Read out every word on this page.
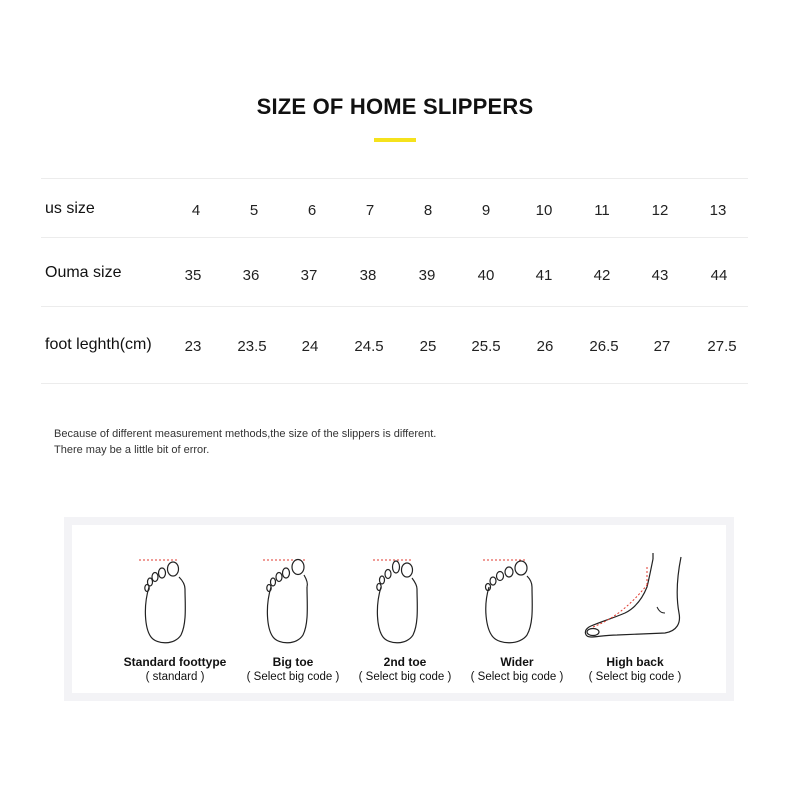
SIZE OF HOME SLIPPERS
us size	4	5	6	7	8	9	10	11	12	13
Ouma size	35	36	37	38	39	40	41	42	43	44
foot leghth(cm)	23	23.5	24	24.5	25	25.5	26	26.5	27	27.5
Because of different measurement methods,the size of the slippers is different.
There may be a little bit of error.
Standard foottype
( standard )
Big toe
( Select big code )
2nd toe
( Select big code )
Wider
( Select big code )
High back
( Select big code )
